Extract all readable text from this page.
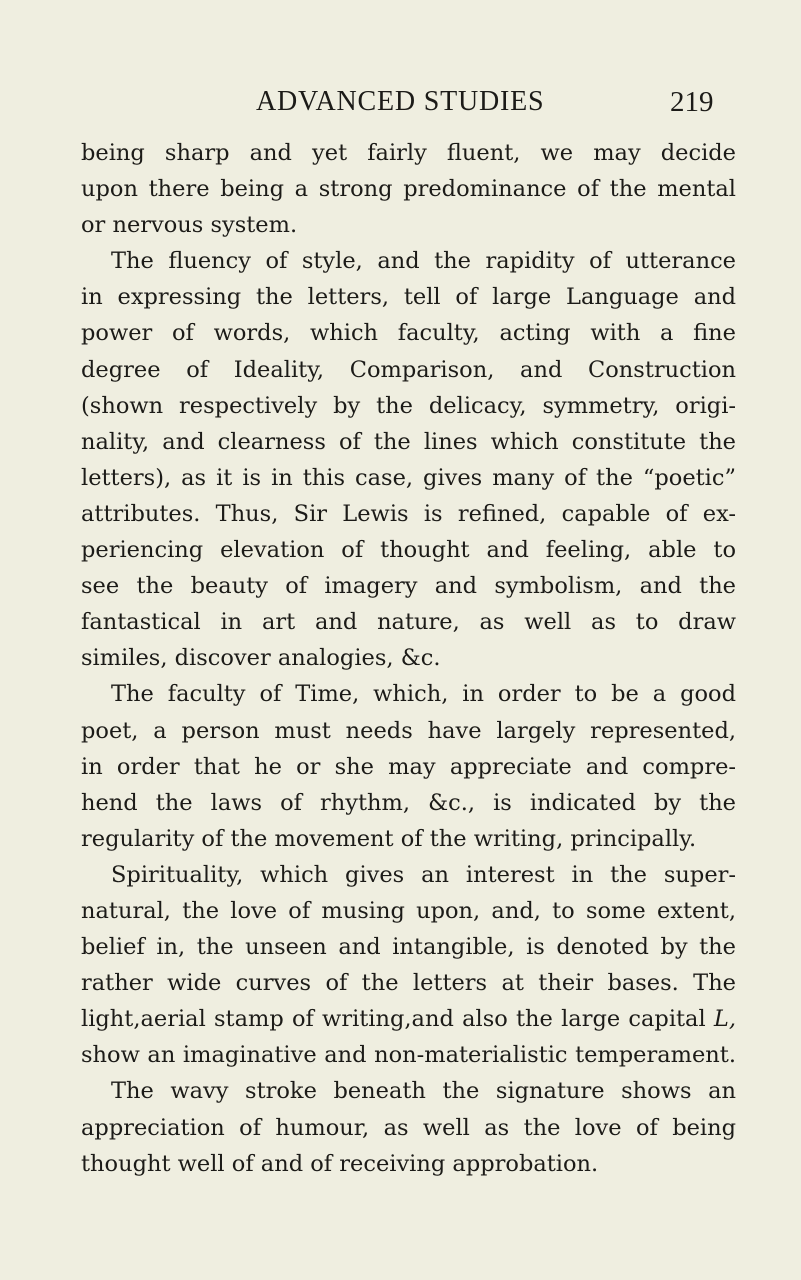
ADVANCED STUDIES	219
being sharp and yet fairly fluent, we may decide
upon there being a strong predominance of the mental
or nervous system.
The fluency of style, and the rapidity of utterance
in expressing the letters, tell of large Language and
power of words, which faculty, acting with a fine
degree of Ideality, Comparison, and Construction
(shown respectively by the delicacy, symmetry, origi-
nality, and clearness of the lines which constitute the
letters), as it is in this case, gives many of the “poetic”
attributes. Thus, Sir Lewis is refined, capable of ex-
periencing elevation of thought and feeling, able to
see the beauty of imagery and symbolism, and the
fantastical in art and nature, as well as to draw
similes, discover analogies, &c.
The faculty of Time, which, in order to be a good
poet, a person must needs have largely represented,
in order that he or she may appreciate and compre-
hend the laws of rhythm, &c., is indicated by the
regularity of the movement of the writing, principally.
Spirituality, which gives an interest in the super-
natural, the love of musing upon, and, to some extent,
belief in, the unseen and intangible, is denoted by the
rather wide curves of the letters at their bases. The
light,aerial stamp of writing,and also the large capital L,
show an imaginative and non-materialistic temperament.
The wavy stroke beneath the signature shows an
appreciation of humour, as well as the love of being
thought well of and of receiving approbation.
